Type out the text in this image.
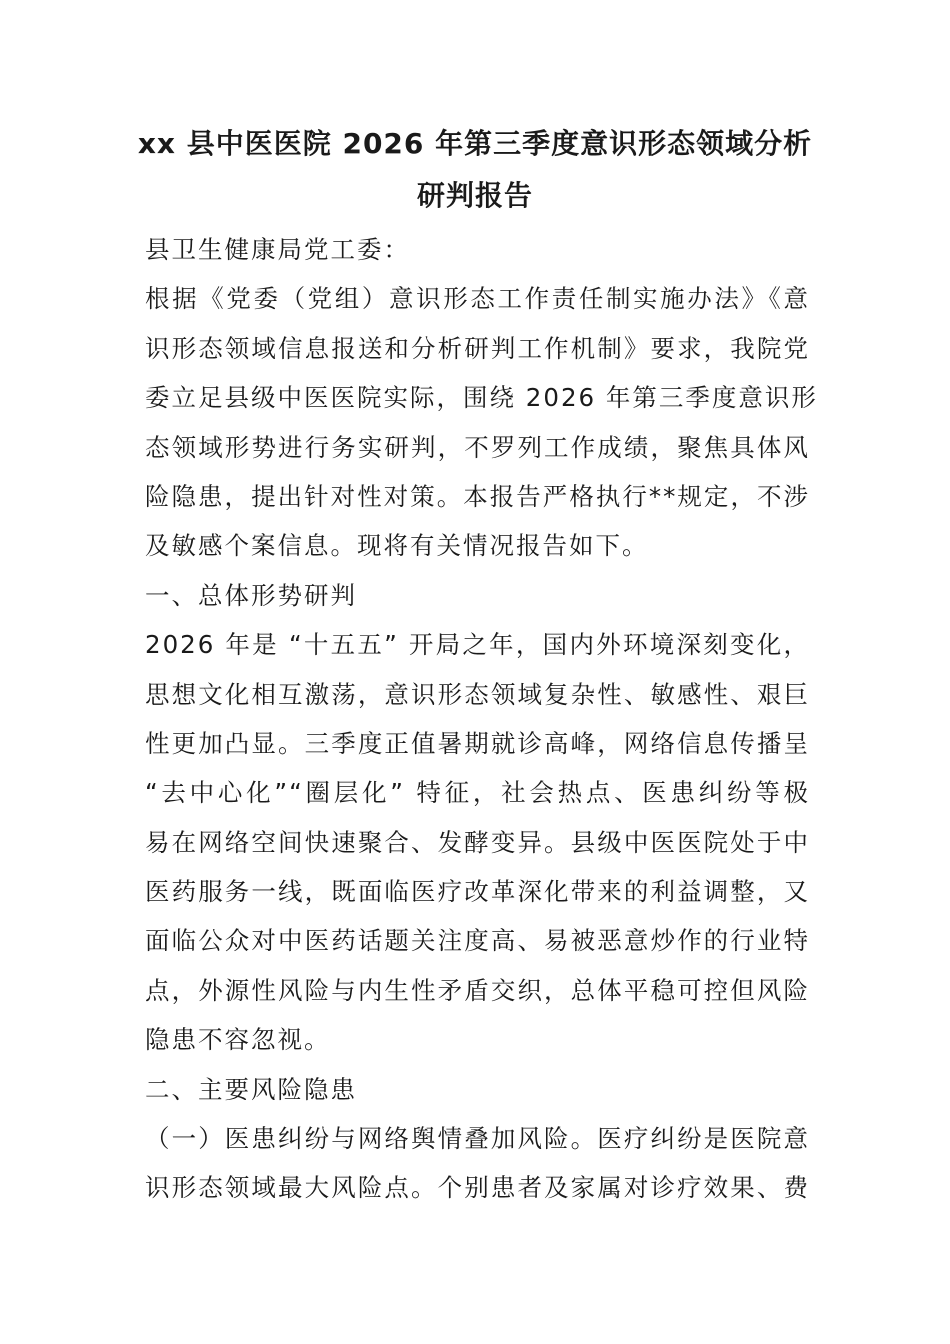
xx 县中医医院 2026 年第三季度意识形态领域分析
研判报告
县卫生健康局党工委：
根据《党委（党组）意识形态工作责任制实施办法》《意
识形态领域信息报送和分析研判工作机制》要求，我院党
委立足县级中医医院实际，围绕 2026 年第三季度意识形
态领域形势进行务实研判，不罗列工作成绩，聚焦具体风
险隐患，提出针对性对策。本报告严格执行**规定，不涉
及敏感个案信息。现将有关情况报告如下。
一、总体形势研判
2026 年是 “十五五” 开局之年，国内外环境深刻变化，
思想文化相互激荡，意识形态领域复杂性、敏感性、艰巨
性更加凸显。三季度正值暑期就诊高峰，网络信息传播呈
“去中心化”“圈层化” 特征，社会热点、医患纠纷等极
易在网络空间快速聚合、发酵变异。县级中医医院处于中
医药服务一线，既面临医疗改革深化带来的利益调整，又
面临公众对中医药话题关注度高、易被恶意炒作的行业特
点，外源性风险与内生性矛盾交织，总体平稳可控但风险
隐患不容忽视。
二、主要风险隐患
（一）医患纠纷与网络舆情叠加风险。医疗纠纷是医院意
识形态领域最大风险点。个别患者及家属对诊疗效果、费
